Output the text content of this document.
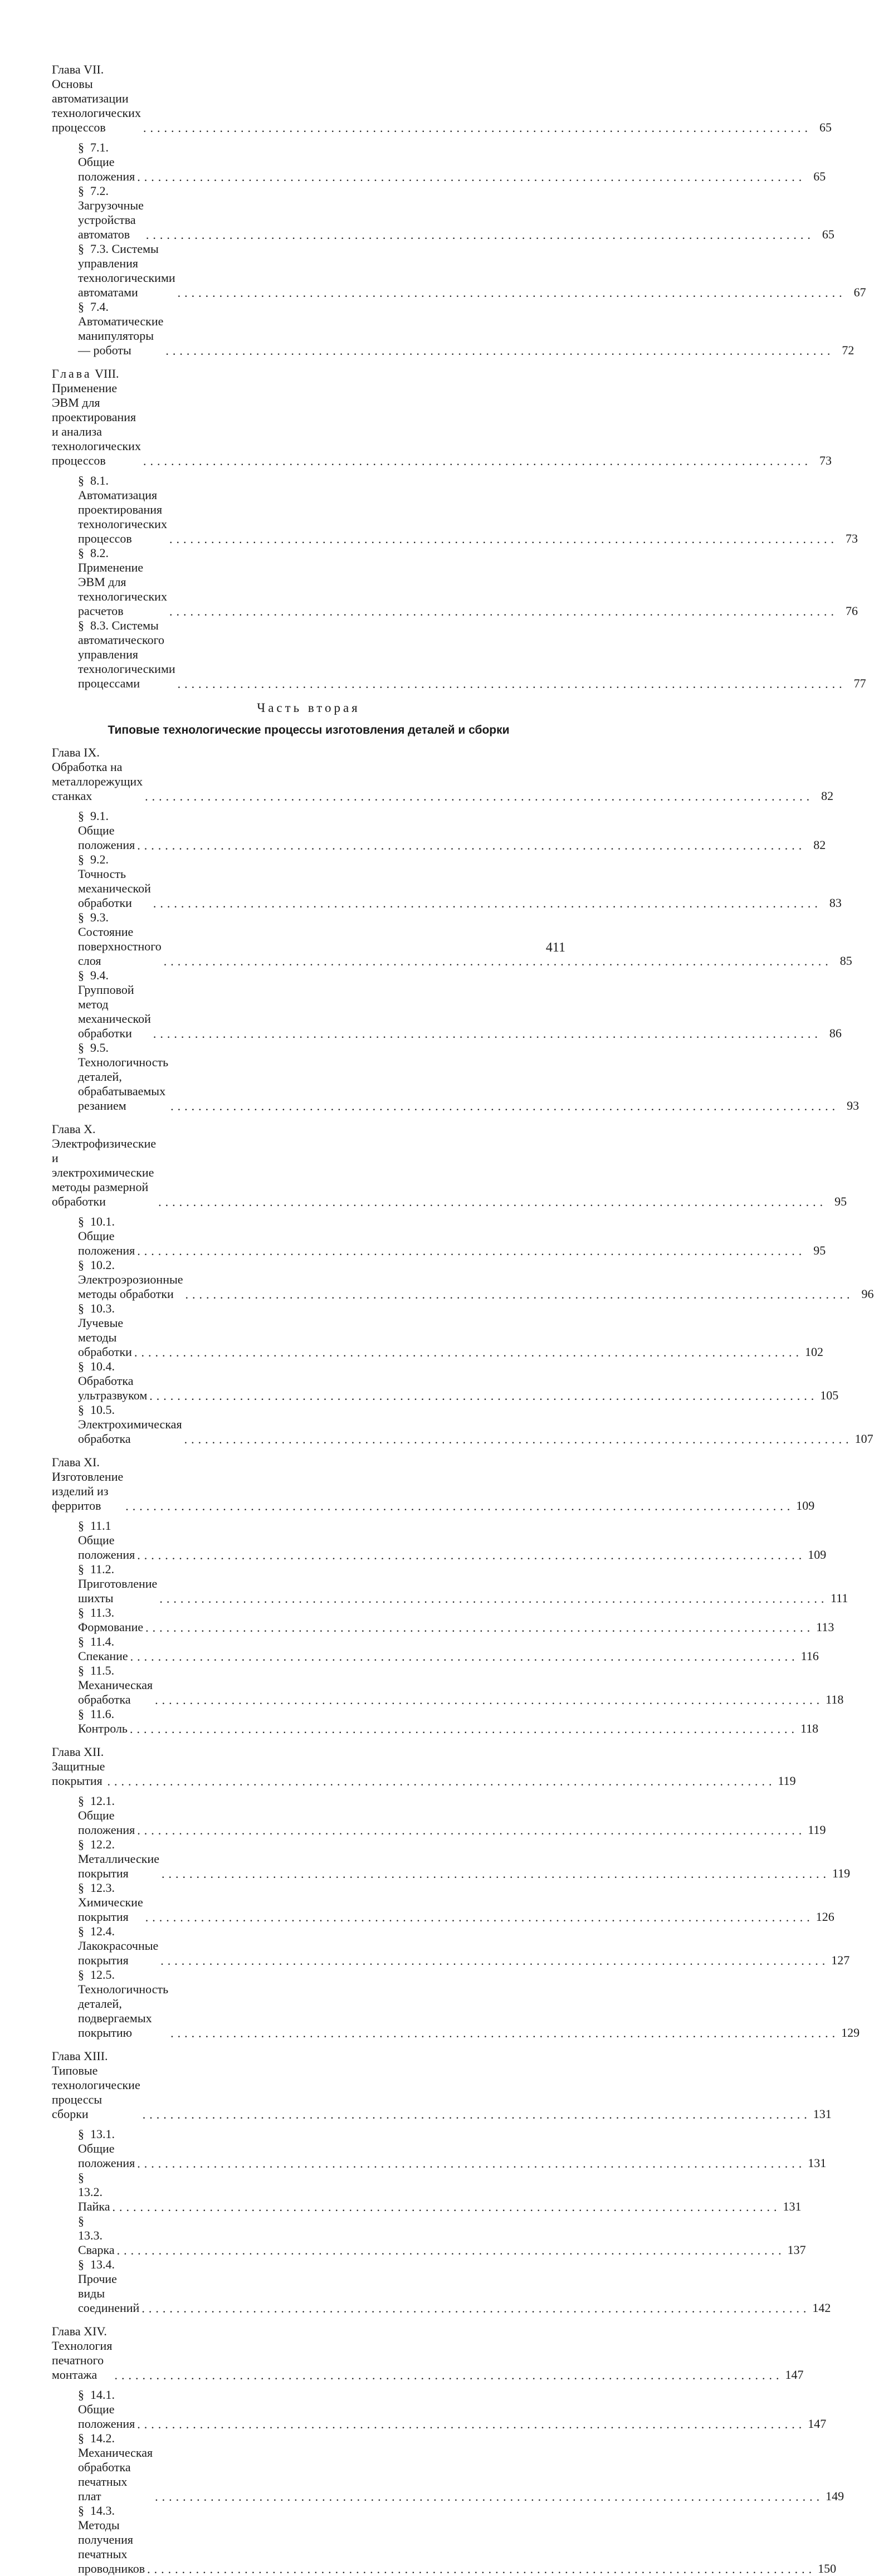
Глава VII. Основы автоматизации технологических процессов	................................................................................................ 65
§ 7.1. Общие положения ................................................................................................ 65
§ 7.2. Загрузочные устройства автоматов	................................................................................................ 65
§ 7.3. Системы управления технологическими автоматами	................................................................................................ 67
§ 7.4. Автоматические манипуляторы — роботы	................................................................................................ 72
Глава VIII. Применение ЭВМ для проектирования и анализа технологических процессов	................................................................................................ 73
§ 8.1. Автоматизация проектирования технологических процессов	................................................................................................ 73
§ 8.2. Применение ЭВМ для технологических расчетов	................................................................................................ 76
§ 8.3. Системы автоматического управления технологическими процессами	................................................................................................ 77
Часть вторая
Типовые технологические процессы изготовления деталей и сборки
Глава IX. Обработка на металлорежущих станках	................................................................................................ 82
§ 9.1. Общие положения ................................................................................................ 82
§ 9.2. Точность механической обработки	................................................................................................ 83
§ 9.3. Состояние поверхностного слоя	................................................................................................ 85
§ 9.4. Групповой метод механической обработки	................................................................................................ 86
§ 9.5. Технологичность деталей, обрабатываемых резанием	................................................................................................ 93
Глава X. Электрофизические и электрохимические методы размерной обработки	................................................................................................ 95
§ 10.1. Общие положения ................................................................................................ 95
§ 10.2. Электроэрозионные методы обработки ................................................................................................ 96
§ 10.3. Лучевые методы обработки ................................................................................................ 102
§ 10.4. Обработка ультразвуком ................................................................................................ 105
§ 10.5. Электрохимическая обработка	................................................................................................ 107
Глава XI. Изготовление изделий из ферритов	................................................................................................ 109
§ 11.1 Общие положения ................................................................................................ 109
§ 11.2. Приготовление шихты	................................................................................................ 111
§ 11.3. Формование ................................................................................................ 113
§ 11.4. Спекание ................................................................................................ 116
§ 11.5. Механическая обработка	................................................................................................ 118
§ 11.6. Контроль ................................................................................................ 118
Глава XII. Защитные покрытия ................................................................................................ 119
§ 12.1. Общие положения ................................................................................................ 119
§ 12.2. Металлические покрытия	................................................................................................ 119
§ 12.3. Химические покрытия	................................................................................................ 126
§ 12.4. Лакокрасочные покрытия	................................................................................................ 127
§ 12.5. Технологичность деталей, подвергаемых покрытию	................................................................................................ 129
Глава XIII. Типовые технологические процессы сборки	................................................................................................ 131
§ 13.1. Общие положения ................................................................................................ 131
§13.2. Пайка ................................................................................................ 131
§13.3. Сварка ................................................................................................ 137
§ 13.4. Прочие виды соединений ................................................................................................ 142
Глава XIV. Технология печатного монтажа	................................................................................................ 147
§ 14.1. Общие положения ................................................................................................ 147
§ 14.2. Механическая обработка печатных плат	................................................................................................ 149
§ 14.3. Методы получения печатных проводников ................................................................................................ 150
411
